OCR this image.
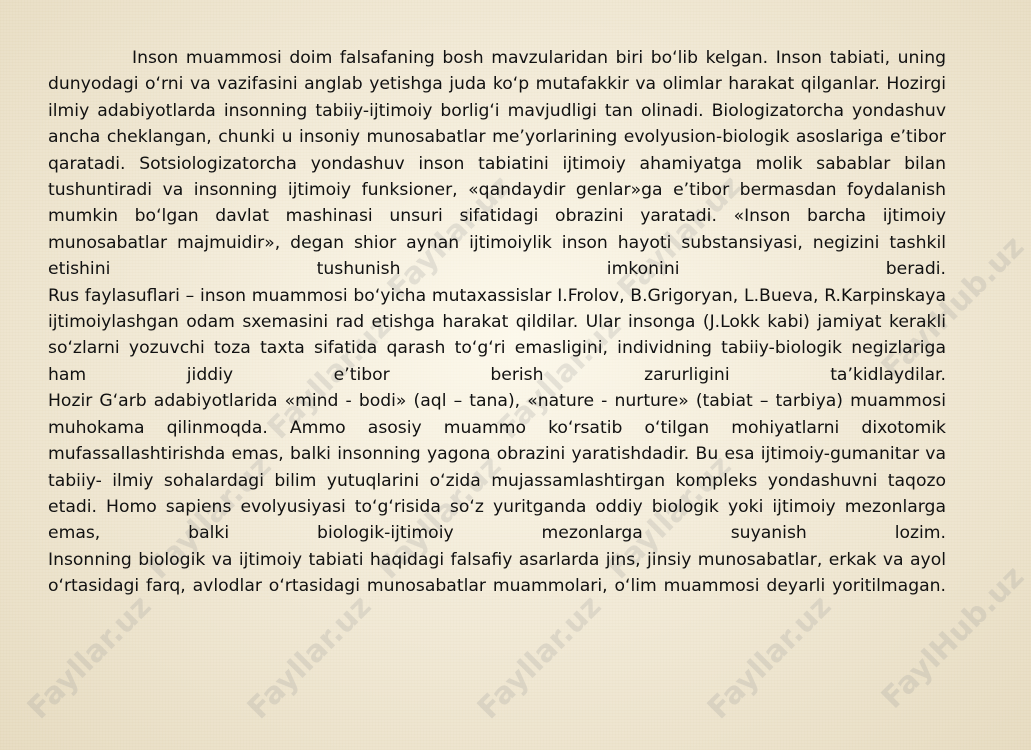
Fayllar.uz	Fayllar.uz	Fayllar.uz	Fayllar.uz
Fayllar.uz	Fayllar.uz	Fayllar.uz
Fayllar.uz	Fayllar.uz
Fayllar.uz	Fayllar.uz	FaylHub.uz
FaylHub.uz

Inson muammosi doim falsafaning bosh mavzularidan biri bo‘lib kelgan. Inson tabiati, uning dunyodagi o‘rni va vazifasini anglab yetishga juda ko‘p mutafakkir va olimlar harakat qilganlar. Hozirgi ilmiy adabiyotlarda insonning tabiiy-ijtimoiy borlig‘i mavjudligi tan olinadi. Biologizatorcha yondashuv ancha cheklangan, chunki u insoniy munosabatlar me’yorlarining evolyusion-biologik asoslariga e’tibor qaratadi. Sotsiologizatorcha yondashuv inson tabiatini ijtimoiy ahamiyatga molik sabablar bilan tushuntiradi va insonning ijtimoiy funksioner, «qandaydir genlar»ga e’tibor bermasdan foydalanish mumkin bo‘lgan davlat mashinasi unsuri sifatidagi obrazini yaratadi. «Inson barcha ijtimoiy munosabatlar majmuidir», degan shior aynan ijtimoiylik inson hayoti substansiyasi, negizini tashkil etishini tushunish imkonini beradi.

Rus faylasuflari – inson muammosi bo‘yicha mutaxassislar I.Frolov, B.Grigoryan, L.Bueva, R.Karpinskaya ijtimoiylashgan odam sxemasini rad etishga harakat qildilar. Ular insonga (J.Lokk kabi) jamiyat kerakli so‘zlarni yozuvchi toza taxta sifatida qarash to‘g‘ri emasligini, individning tabiiy-biologik negizlariga ham jiddiy e’tibor berish zarurligini ta’kidlaydilar.

Hozir G‘arb adabiyotlarida «mind - bodi» (aql – tana), «nature - nurture» (tabiat – tarbiya) muammosi muhokama qilinmoqda. Ammo asosiy muammo ko‘rsatib o‘tilgan mohiyatlarni dixotomik mufassallashtirishda emas, balki insonning yagona obrazini yaratishdadir. Bu esa ijtimoiy-gumanitar va tabiiy- ilmiy sohalardagi bilim yutuqlarini o‘zida mujassamlashtirgan kompleks yondashuvni taqozo etadi. Homo sapiens evolyusiyasi to‘g‘risida so‘z yuritganda oddiy biologik yoki ijtimoiy mezonlarga emas, balki biologik-ijtimoiy mezonlarga suyanish lozim.

Insonning biologik va ijtimoiy tabiati haqidagi falsafiy asarlarda jins, jinsiy munosabatlar, erkak va ayol o‘rtasidagi farq, avlodlar o‘rtasidagi munosabatlar muammolari, o‘lim muammosi deyarli yoritilmagan.
